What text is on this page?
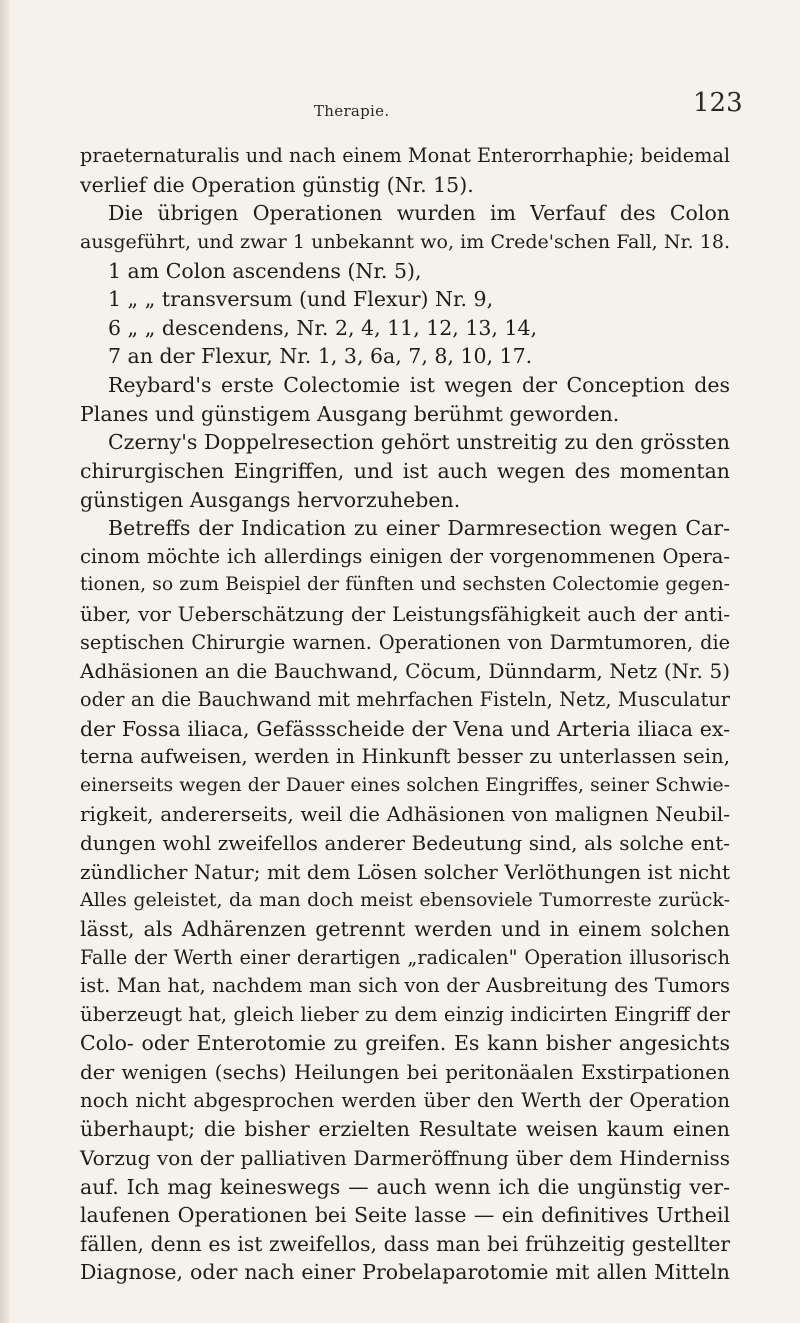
Therapie.	123
praeternaturalis und nach einem Monat Enterorrhaphie; beidemal
verlief die Operation günstig (Nr. 15).
Die übrigen Operationen wurden im Verfauf des Colon
ausgeführt, und zwar 1 unbekannt wo, im Crede'schen Fall, Nr. 18.
1 am Colon ascendens (Nr. 5),
1 „ „ transversum (und Flexur) Nr. 9,
6 „ „ descendens, Nr. 2, 4, 11, 12, 13, 14,
7 an der Flexur, Nr. 1, 3, 6a, 7, 8, 10, 17.
Reybard's erste Colectomie ist wegen der Conception des
Planes und günstigem Ausgang berühmt geworden.
Czerny's Doppelresection gehört unstreitig zu den grössten
chirurgischen Eingriffen, und ist auch wegen des momentan
günstigen Ausgangs hervorzuheben.
Betreffs der Indication zu einer Darmresection wegen Car-
cinom möchte ich allerdings einigen der vorgenommenen Opera-
tionen, so zum Beispiel der fünften und sechsten Colectomie gegen-
über, vor Ueberschätzung der Leistungsfähigkeit auch der anti-
septischen Chirurgie warnen. Operationen von Darmtumoren, die
Adhäsionen an die Bauchwand, Cöcum, Dünndarm, Netz (Nr. 5)
oder an die Bauchwand mit mehrfachen Fisteln, Netz, Musculatur
der Fossa iliaca, Gefässscheide der Vena und Arteria iliaca ex-
terna aufweisen, werden in Hinkunft besser zu unterlassen sein,
einerseits wegen der Dauer eines solchen Eingriffes, seiner Schwie-
rigkeit, andererseits, weil die Adhäsionen von malignen Neubil-
dungen wohl zweifellos anderer Bedeutung sind, als solche ent-
zündlicher Natur; mit dem Lösen solcher Verlöthungen ist nicht
Alles geleistet, da man doch meist ebensoviele Tumorreste zurück-
lässt, als Adhärenzen getrennt werden und in einem solchen
Falle der Werth einer derartigen „radicalen" Operation illusorisch
ist. Man hat, nachdem man sich von der Ausbreitung des Tumors
überzeugt hat, gleich lieber zu dem einzig indicirten Eingriff der
Colo- oder Enterotomie zu greifen. Es kann bisher angesichts
der wenigen (sechs) Heilungen bei peritonäalen Exstirpationen
noch nicht abgesprochen werden über den Werth der Operation
überhaupt; die bisher erzielten Resultate weisen kaum einen
Vorzug von der palliativen Darmeröffnung über dem Hinderniss
auf. Ich mag keineswegs — auch wenn ich die ungünstig ver-
laufenen Operationen bei Seite lasse — ein definitives Urtheil
fällen, denn es ist zweifellos, dass man bei frühzeitig gestellter
Diagnose, oder nach einer Probelaparotomie mit allen Mitteln
